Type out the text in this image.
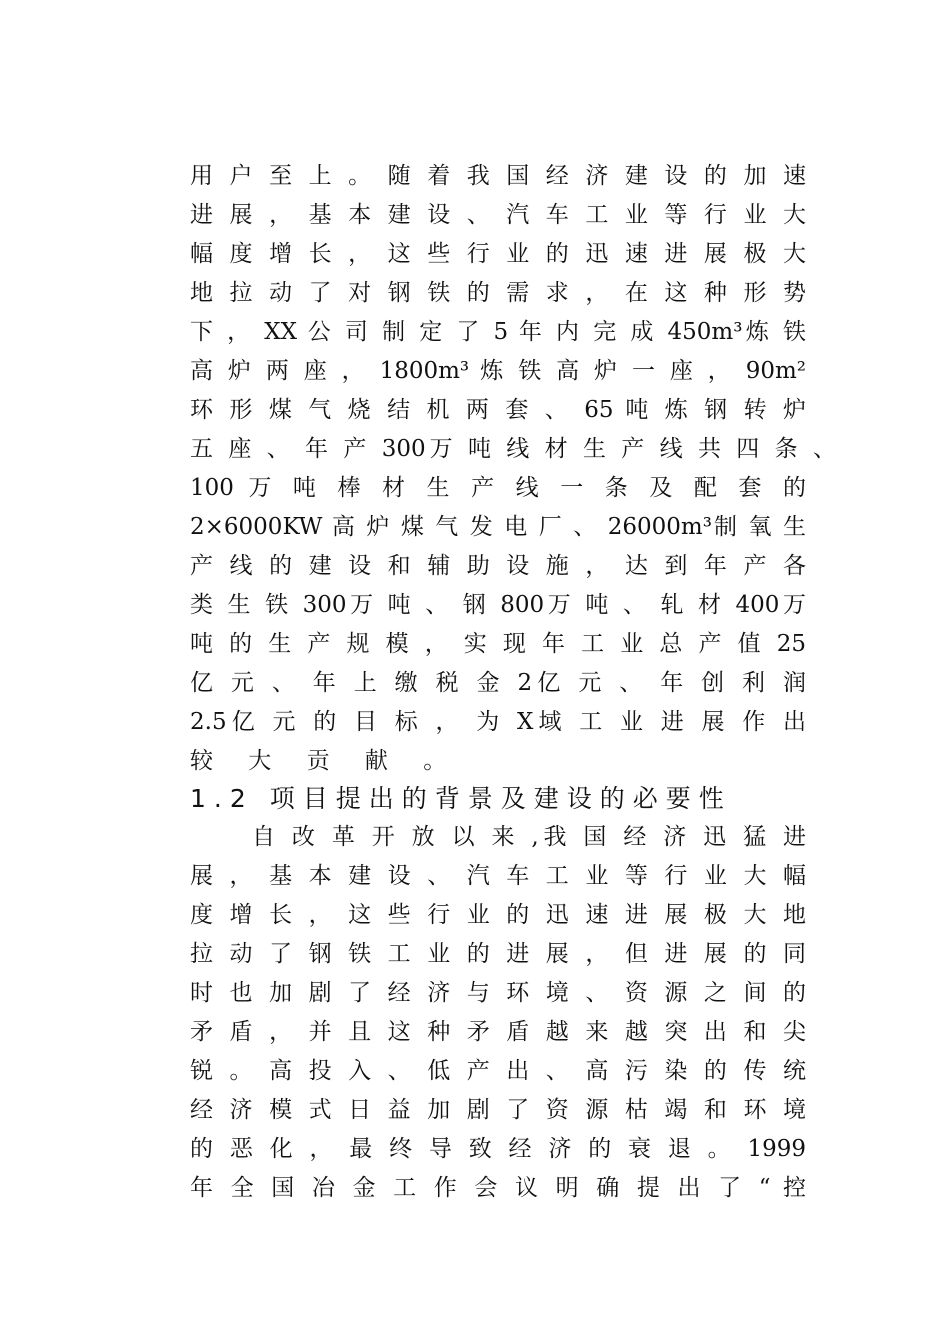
用 户 至 上 。 随 着 我 国 经 济 建 设 的 加 速
进 展 ， 基 本 建 设 、 汽 车 工 业 等 行 业 大
幅 度 增 长 ， 这 些 行 业 的 迅 速 进 展 极 大
地 拉 动 了 对 钢 铁 的 需 求 ， 在 这 种 形 势
下 ， XX 公 司 制 定 了 5 年 内 完 成 450m³炼 铁
高 炉 两 座 ， 1800m³ 炼 铁 高 炉 一 座 ， 90m²
环 形 煤 气 烧 结 机 两 套 、 65 吨 炼 钢 转 炉
五 座 、 年 产 300万 吨 线 材 生 产 线 共 四 条 、
100 万 吨 棒 材 生 产 线 一 条 及 配 套 的
2×6000KW 高 炉 煤 气 发 电 厂 、 26000m³制 氧 生
产 线 的 建 设 和 辅 助 设 施 ， 达 到 年 产 各
类 生 铁 300万 吨 、 钢 800万 吨 、 轧 材 400万
吨 的 生 产 规 模 ， 实 现 年 工 业 总 产 值 25
亿 元 、 年 上 缴 税 金 2亿 元 、 年 创 利 润
2.5亿 元 的 目 标 ， 为 X域 工 业 进 展 作 出
较 大 贡 献 。
1.2 项目提出的背景及建设的必要性
自 改 革 开 放 以 来 ,我 国 经 济 迅 猛 进
展 ， 基 本 建 设 、 汽 车 工 业 等 行 业 大 幅
度 增 长 ， 这 些 行 业 的 迅 速 进 展 极 大 地
拉 动 了 钢 铁 工 业 的 进 展 ， 但 进 展 的 同
时 也 加 剧 了 经 济 与 环 境 、 资 源 之 间 的
矛 盾 ， 并 且 这 种 矛 盾 越 来 越 突 出 和 尖
锐 。 高 投 入 、 低 产 出 、 高 污 染 的 传 统
经 济 模 式 日 益 加 剧 了 资 源 枯 竭 和 环 境
的 恶 化 ， 最 终 导 致 经 济 的 衰 退 。 1999
年 全 国 冶 金 工 作 会 议 明 确 提 出 了 “ 控
